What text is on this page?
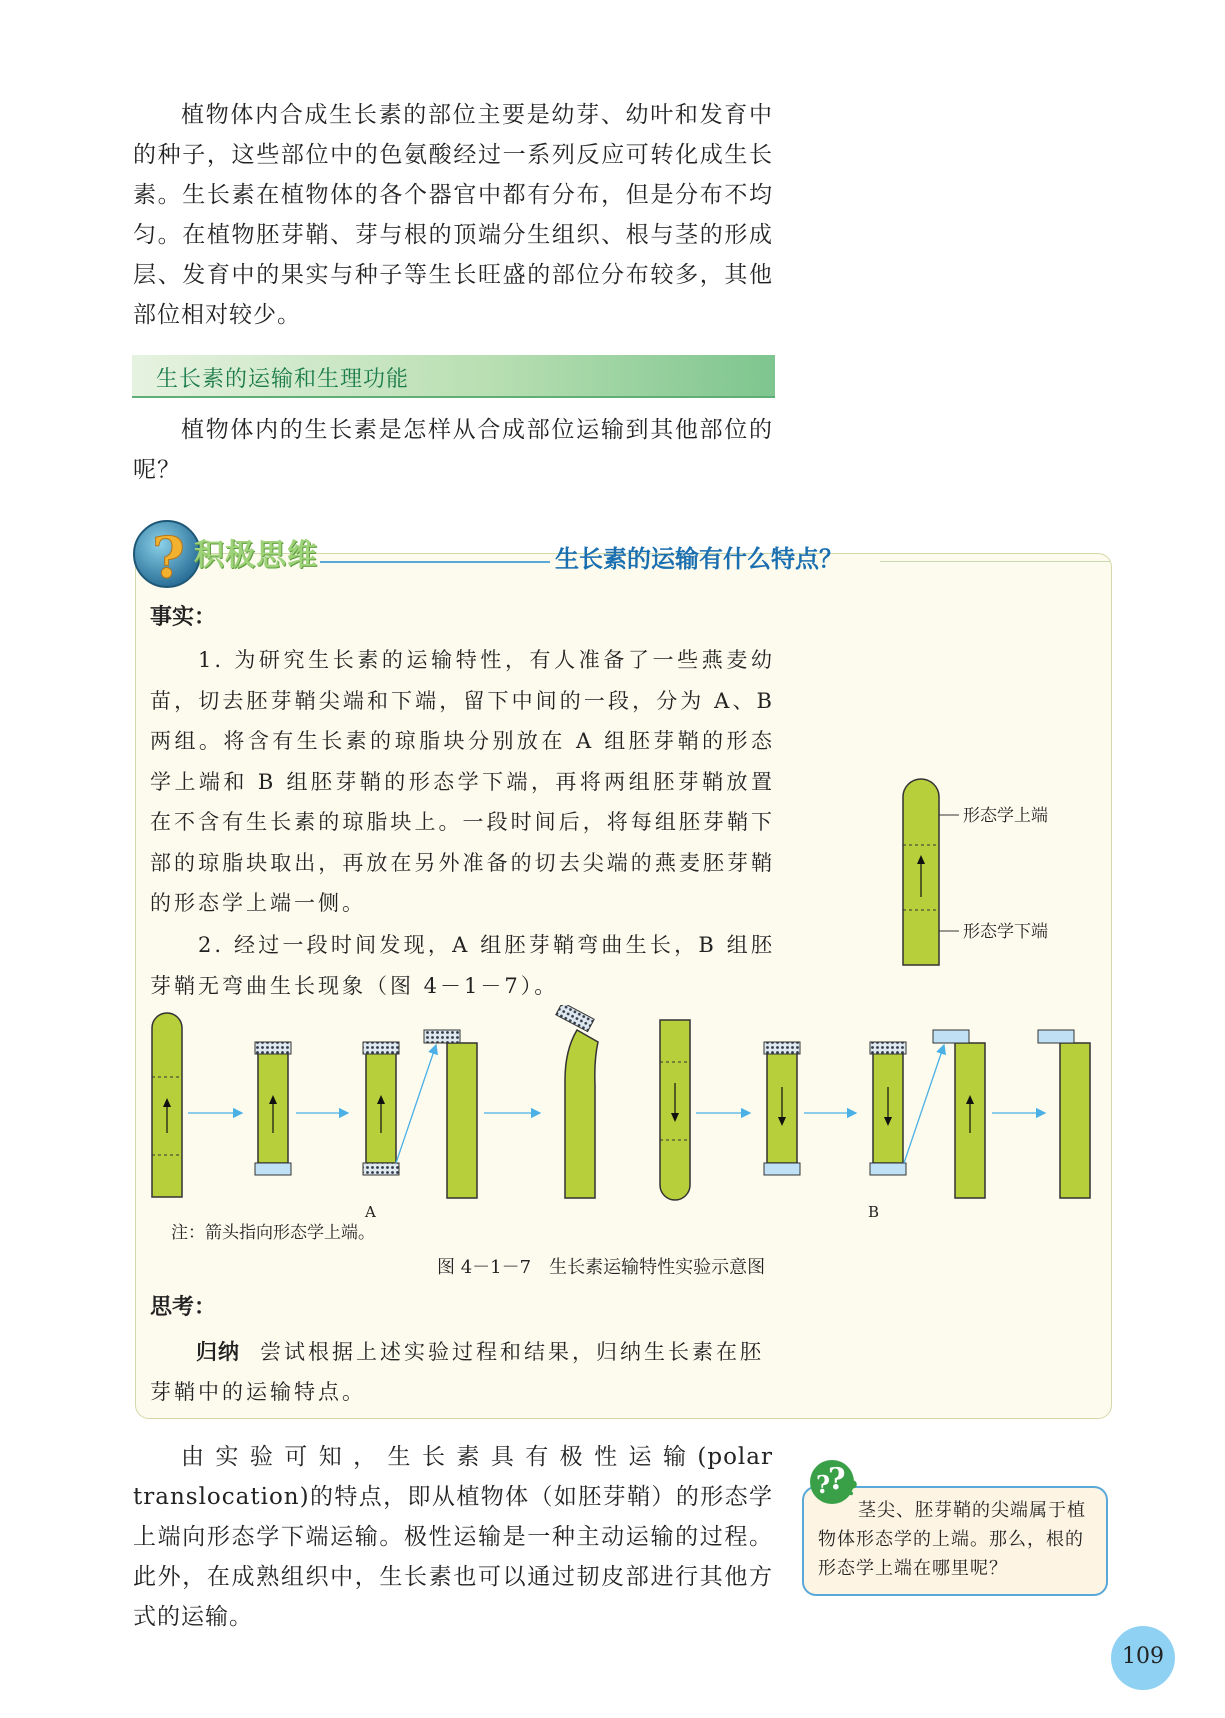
植物体内合成生长素的部位主要是幼芽、幼叶和发育中的种子，这些部位中的色氨酸经过一系列反应可转化成生长素。生长素在植物体的各个器官中都有分布，但是分布不均匀。在植物胚芽鞘、芽与根的顶端分生组织、根与茎的形成层、发育中的果实与种子等生长旺盛的部位分布较多，其他部位相对较少。
生长素的运输和生理功能
植物体内的生长素是怎样从合成部位运输到其他部位的呢？
? 积极思维	生长素的运输有什么特点？
事实：
1. 为研究生长素的运输特性，有人准备了一些燕麦幼苗，切去胚芽鞘尖端和下端，留下中间的一段，分为 A、B 两组。将含有生长素的琼脂块分别放在 A 组胚芽鞘的形态学上端和 B 组胚芽鞘的形态学下端，再将两组胚芽鞘放置在不含有生长素的琼脂块上。一段时间后，将每组胚芽鞘下部的琼脂块取出，再放在另外准备的切去尖端的燕麦胚芽鞘的形态学上端一侧。
2. 经过一段时间发现，A 组胚芽鞘弯曲生长，B 组胚芽鞘无弯曲生长现象（图 4－1－7）。
形态学上端
形态学下端
A	B
注：箭头指向形态学上端。
图 4－1－7　生长素运输特性实验示意图
思考：
归纳 尝试根据上述实验过程和结果，归纳生长素在胚芽鞘中的运输特点。
由实验可知，生长素具有极性运输(polar translocation)的特点，即从植物体（如胚芽鞘）的形态学上端向形态学下端运输。极性运输是一种主动运输的过程。此外，在成熟组织中，生长素也可以通过韧皮部进行其他方式的运输。
茎尖、胚芽鞘的尖端属于植物体形态学的上端。那么，根的形态学上端在哪里呢？
?
? ?
109
